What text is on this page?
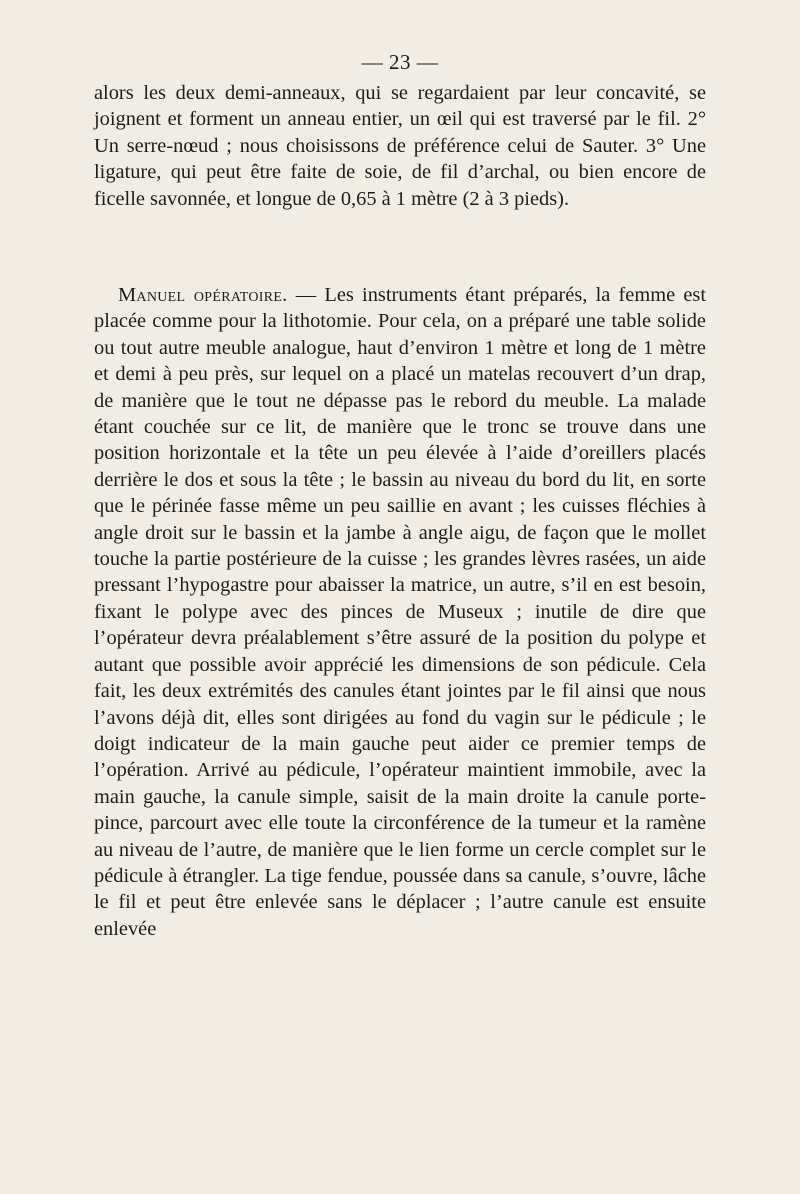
— 23 —

alors les deux demi-anneaux, qui se regardaient par leur concavité, se joignent et forment un anneau entier, un œil qui est traversé par le fil. 2° Un serre-nœud ; nous choisissons de préférence celui de Sauter. 3° Une ligature, qui peut être faite de soie, de fil d’archal, ou bien encore de ficelle savonnée, et longue de 0,65 à 1 mètre (2 à 3 pieds).

Manuel opératoire. — Les instruments étant préparés, la femme est placée comme pour la lithotomie. Pour cela, on a préparé une table solide ou tout autre meuble analogue, haut d’environ 1 mètre et long de 1 mètre et demi à peu près, sur lequel on a placé un matelas recouvert d’un drap, de manière que le tout ne dépasse pas le rebord du meuble. La malade étant couchée sur ce lit, de manière que le tronc se trouve dans une position horizontale et la tête un peu élevée à l’aide d’oreillers placés derrière le dos et sous la tête ; le bassin au niveau du bord du lit, en sorte que le périnée fasse même un peu saillie en avant ; les cuisses fléchies à angle droit sur le bassin et la jambe à angle aigu, de façon que le mollet touche la partie postérieure de la cuisse ; les grandes lèvres rasées, un aide pressant l’hypogastre pour abaisser la matrice, un autre, s’il en est besoin, fixant le polype avec des pinces de Museux ; inutile de dire que l’opérateur devra préalablement s’être assuré de la position du polype et autant que possible avoir apprécié les dimensions de son pédicule. Cela fait, les deux extrémités des canules étant jointes par le fil ainsi que nous l’avons déjà dit, elles sont dirigées au fond du vagin sur le pédicule ; le doigt indicateur de la main gauche peut aider ce premier temps de l’opération. Arrivé au pédicule, l’opérateur maintient immobile, avec la main gauche, la canule simple, saisit de la main droite la canule porte-pince, parcourt avec elle toute la circonférence de la tumeur et la ramène au niveau de l’autre, de manière que le lien forme un cercle complet sur le pédicule à étrangler. La tige fendue, poussée dans sa canule, s’ouvre, lâche le fil et peut être enlevée sans le déplacer ; l’autre canule est ensuite enlevée
